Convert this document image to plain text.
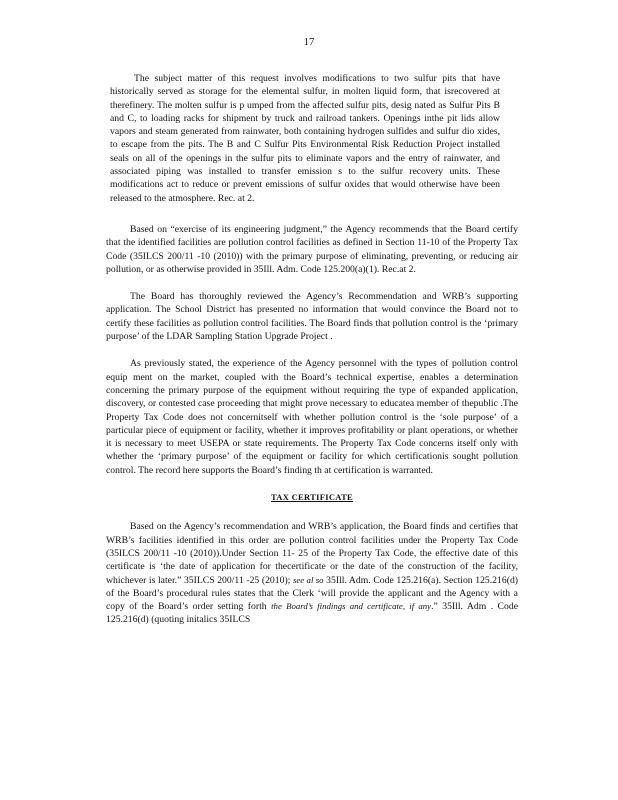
17

The subject matter of this request involves modifications to two sulfur pits that have historically served as storage for the elemental sulfur, in molten liquid form, that isrecovered at therefinery. The molten sulfur is p umped from the affected sulfur pits, desig nated as Sulfur Pits B and C, to loading racks for shipment by truck and railroad tankers. Openings inthe pit lids allow vapors and steam generated from rainwater, both containing hydrogen sulfides and sulfur dio xides, to escape from the pits. The B and C Sulfur Pits Environmental Risk Reduction Project installed seals on all of the openings in the sulfur pits to eliminate vapors and the entry of rainwater, and associated piping was installed to transfer emission s to the sulfur recovery units. These modifications act to reduce or prevent emissions of sulfur oxides that would otherwise have been released to the atmosphere. Rec. at 2.

Based on “exercise of its engineering judgment,” the Agency recommends that the Board certify that the identified facilities are pollution control facilities as defined in Section 11-10 of the Property Tax Code (35ILCS 200/11 -10 (2010)) with the primary purpose of eliminating, preventing, or reducing air pollution, or as otherwise provided in 35Ill. Adm. Code 125.200(a)(1). Rec.at 2.

The Board has thoroughly reviewed the Agency’s Recommendation and WRB’s supporting application. The School District has presented no information that would convince the Board not to certify these facilities as pollution control facilities. The Board finds that pollution control is the ‘primary purpose’ of the LDAR Sampling Station Upgrade Project .

As previously stated, the experience of the Agency personnel with the types of pollution control equip ment on the market, coupled with the Board’s technical expertise, enables a determination concerning the primary purpose of the equipment without requiring the type of expanded application, discovery, or contested case proceeding that might prove necessary to educatea member of thepublic .The Property Tax Code does not concernitself with whether pollution control is the ‘sole purpose’ of a particular piece of equipment or facility, whether it improves profitability or plant operations, or whether it is necessary to meet USEPA or state requirements. The Property Tax Code concerns itself only with whether the ‘primary purpose’ of the equipment or facility for which certificationis sought pollution control. The record here supports the Board’s finding th at certification is warranted.

TAX CERTIFICATE

Based on the Agency’s recommendation and WRB’s application, the Board finds and certifies that WRB’s facilities identified in this order are pollution control facilities under the Property Tax Code (35ILCS 200/11 -10 (2010)).Under Section 11- 25 of the Property Tax Code, the effective date of this certificate is ‘the date of application for thecertificate or the date of the construction of the facility, whichever is later.” 35ILCS 200/11 -25 (2010); see al so 35Ill. Adm. Code 125.216(a). Section 125.216(d) of the Board’s procedural rules states that the Clerk ‘will provide the applicant and the Agency with a copy of the Board’s order setting forth the Board’s findings and certificate, if any.” 35Ill. Adm . Code 125.216(d) (quoting initalics 35ILCS
